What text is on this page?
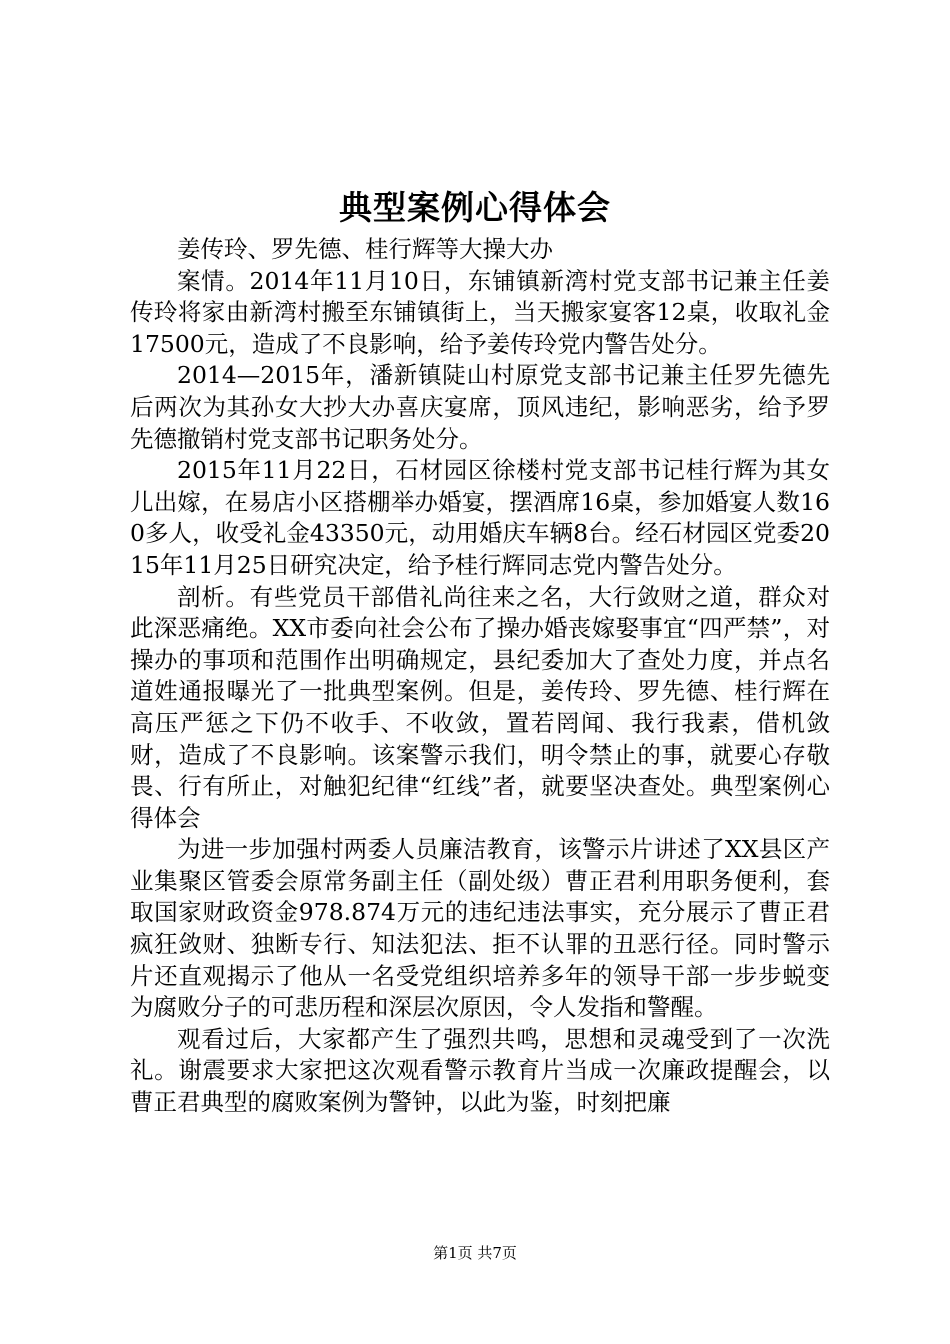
典型案例心得体会

姜传玲、罗先德、桂行辉等大操大办

案情。2014年11月10日，东铺镇新湾村党支部书记兼主任姜传玲将家由新湾村搬至东铺镇街上，当天搬家宴客12桌，收取礼金17500元，造成了不良影响，给予姜传玲党内警告处分。

2014—2015年，潘新镇陡山村原党支部书记兼主任罗先德先后两次为其孙女大抄大办喜庆宴席，顶风违纪，影响恶劣，给予罗先德撤销村党支部书记职务处分。

2015年11月22日，石材园区徐楼村党支部书记桂行辉为其女儿出嫁，在易店小区搭棚举办婚宴，摆酒席16桌，参加婚宴人数160多人，收受礼金43350元，动用婚庆车辆8台。经石材园区党委2015年11月25日研究决定，给予桂行辉同志党内警告处分。

剖析。有些党员干部借礼尚往来之名，大行敛财之道，群众对此深恶痛绝。XX市委向社会公布了操办婚丧嫁娶事宜“四严禁”，对操办的事项和范围作出明确规定，县纪委加大了查处力度，并点名道姓通报曝光了一批典型案例。但是，姜传玲、罗先德、桂行辉在高压严惩之下仍不收手、不收敛，置若罔闻、我行我素，借机敛财，造成了不良影响。该案警示我们，明令禁止的事，就要心存敬畏、行有所止，对触犯纪律“红线”者，就要坚决查处。典型案例心得体会

为进一步加强村两委人员廉洁教育，该警示片讲述了XX县区产业集聚区管委会原常务副主任（副处级）曹正君利用职务便利，套取国家财政资金978.874万元的违纪违法事实，充分展示了曹正君疯狂敛财、独断专行、知法犯法、拒不认罪的丑恶行径。同时警示片还直观揭示了他从一名受党组织培养多年的领导干部一步步蜕变为腐败分子的可悲历程和深层次原因，令人发指和警醒。

观看过后，大家都产生了强烈共鸣，思想和灵魂受到了一次洗礼。谢震要求大家把这次观看警示教育片当成一次廉政提醒会，以曹正君典型的腐败案例为警钟，以此为鉴，时刻把廉

第1页 共7页
